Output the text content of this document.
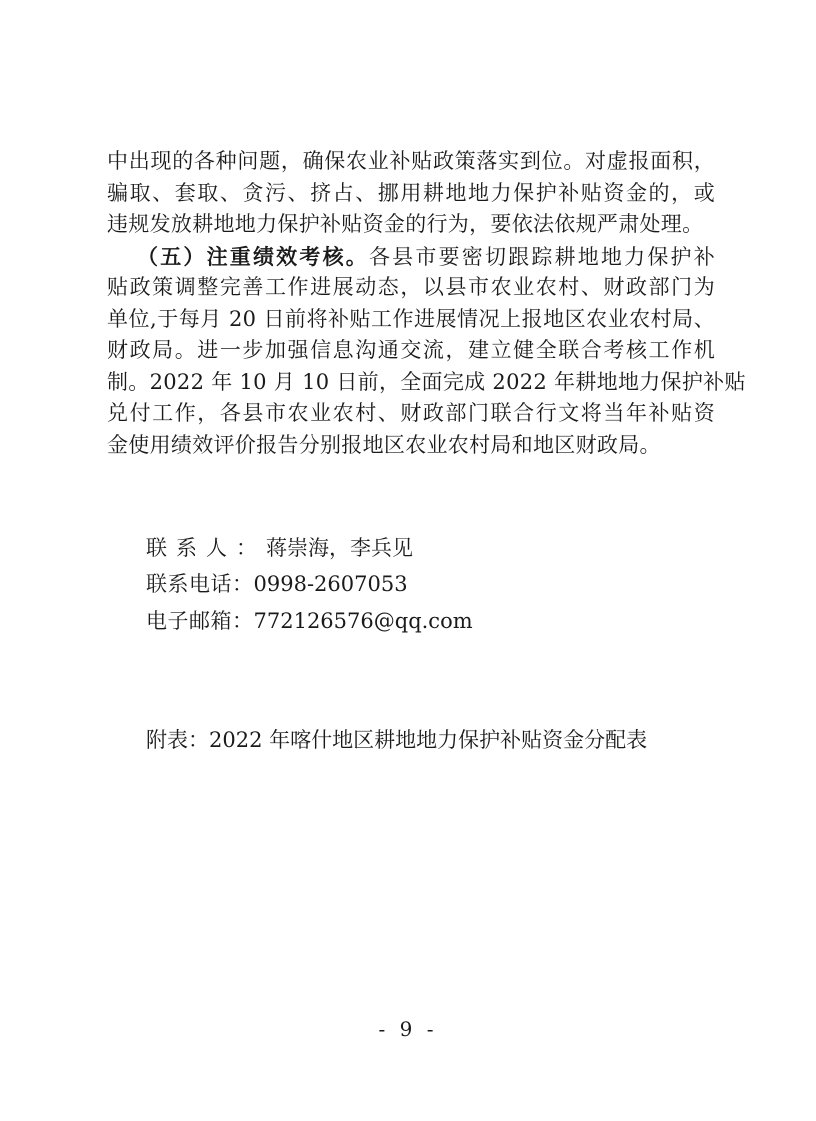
中出现的各种问题，确保农业补贴政策落实到位。对虚报面积，
骗取、套取、贪污、挤占、挪用耕地地力保护补贴资金的，或
违规发放耕地地力保护补贴资金的行为，要依法依规严肃处理。
（五）注重绩效考核。各县市要密切跟踪耕地地力保护补
贴政策调整完善工作进展动态，以县市农业农村、财政部门为
单位,于每月 20 日前将补贴工作进展情况上报地区农业农村局、
财政局。进一步加强信息沟通交流，建立健全联合考核工作机
制。2022 年 10 月 10 日前，全面完成 2022 年耕地地力保护补贴
兑付工作，各县市农业农村、财政部门联合行文将当年补贴资
金使用绩效评价报告分别报地区农业农村局和地区财政局。
联系人：蒋崇海，李兵见
联系电话：0998-2607053
电子邮箱：772126576@qq.com
附表：2022 年喀什地区耕地地力保护补贴资金分配表
- 9 -
